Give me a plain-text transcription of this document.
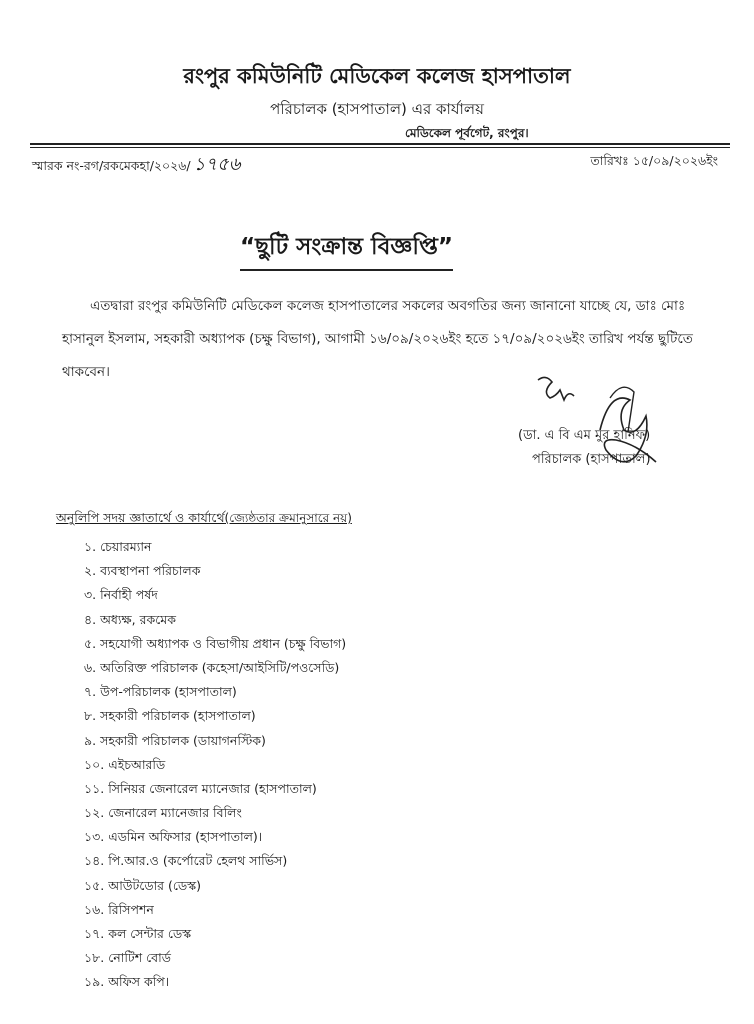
রংপুর কমিউনিটি মেডিকেল কলেজ হাসপাতাল
পরিচালক (হাসপাতাল) এর কার্যালয়
মেডিকেল পূর্বগেট, রংপুর।
স্মারক নং-রগ/রকমেকহা/২০২৬/ ১৭৫৬	তারিখঃ ১৫/০৯/২০২৬ইং
“ছুটি সংক্রান্ত বিজ্ঞপ্তি”
এতদ্বারা রংপুর কমিউনিটি মেডিকেল কলেজ হাসপাতালের সকলের অবগতির জন্য জানানো যাচ্ছে যে, ডাঃ মোঃ হাসানুল ইসলাম, সহকারী অধ্যাপক (চক্ষু বিভাগ), আগামী ১৬/০৯/২০২৬ইং হতে ১৭/০৯/২০২৬ইং তারিখ পর্যন্ত ছুটিতে থাকবেন।
(ডা. এ বি এম মুর হানিফ)
পরিচালক (হাসপাতাল)
অনুলিপি সদয় জ্ঞাতার্থে ও কার্যার্থে(জ্যেষ্ঠতার ক্রমানুসারে নয়)
১. চেয়ারম্যান
২. ব্যবস্থাপনা পরিচালক
৩. নির্বাহী পর্ষদ
৪. অধ্যক্ষ, রকমেক
৫. সহযোগী অধ্যাপক ও বিভাগীয় প্রধান (চক্ষু বিভাগ)
৬. অতিরিক্ত পরিচালক (কহেসা/আইসিটি/পওসেডি)
৭. উপ-পরিচালক (হাসপাতাল)
৮. সহকারী পরিচালক (হাসপাতাল)
৯. সহকারী পরিচালক (ডায়াগনস্টিক)
১০. এইচআরডি
১১. সিনিয়র জেনারেল ম্যানেজার (হাসপাতাল)
১২. জেনারেল ম্যানেজার বিলিং
১৩. এডমিন অফিসার (হাসপাতাল)।
১৪. পি.আর.ও (কর্পোরেট হেলথ সার্ভিস)
১৫. আউটডোর (ডেস্ক)
১৬. রিসিপশন
১৭. কল সেন্টার ডেস্ক
১৮. নোটিশ বোর্ড
১৯. অফিস কপি।
